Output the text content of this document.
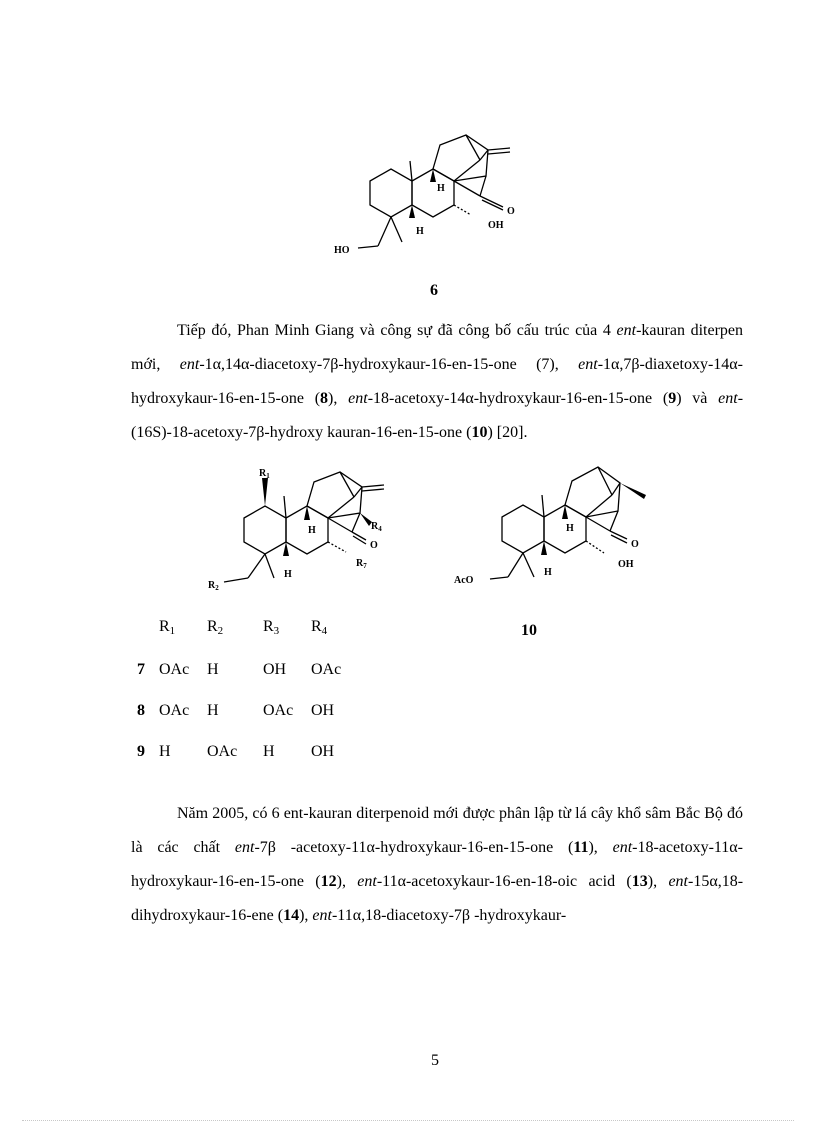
H
H
O
OH
HO
6

Tiếp đó, Phan Minh Giang và công sự đã công bố cấu trúc của 4 ent-kauran diterpen mới, ent-1α,14α-diacetoxy-7β-hydroxykaur-16-en-15-one (7), ent-1α,7β-diaxetoxy-14α-hydroxykaur-16-en-15-one (8), ent-18-acetoxy-14α-hydroxykaur-16-en-15-one (9) và ent-(16S)-18-acetoxy-7β-hydroxy kauran-16-en-15-one (10) [20].

$R_1$
$R_4$
H
H
O
$R_7$
$R_2$
H
H
O
OH
AcO
10
$R_1$ $R_2$ $R_3$ $R_4$
7 OAc H	OH OAc
8 OAc H	OAc OH
9 H OAc H OH

Năm 2005, có 6 ent-kauran diterpenoid mới được phân lập từ lá cây khổ sâm Bắc Bộ đó là các chất ent-7β -acetoxy-11α-hydroxykaur-16-en-15-one (11), ent-18-acetoxy-11α-hydroxykaur-16-en-15-one (12), ent-11α-acetoxykaur-16-en-18-oic acid (13), ent-15α,18-dihydroxykaur-16-ene (14), ent-11α,18-diacetoxy-7β -hydroxykaur-

5
